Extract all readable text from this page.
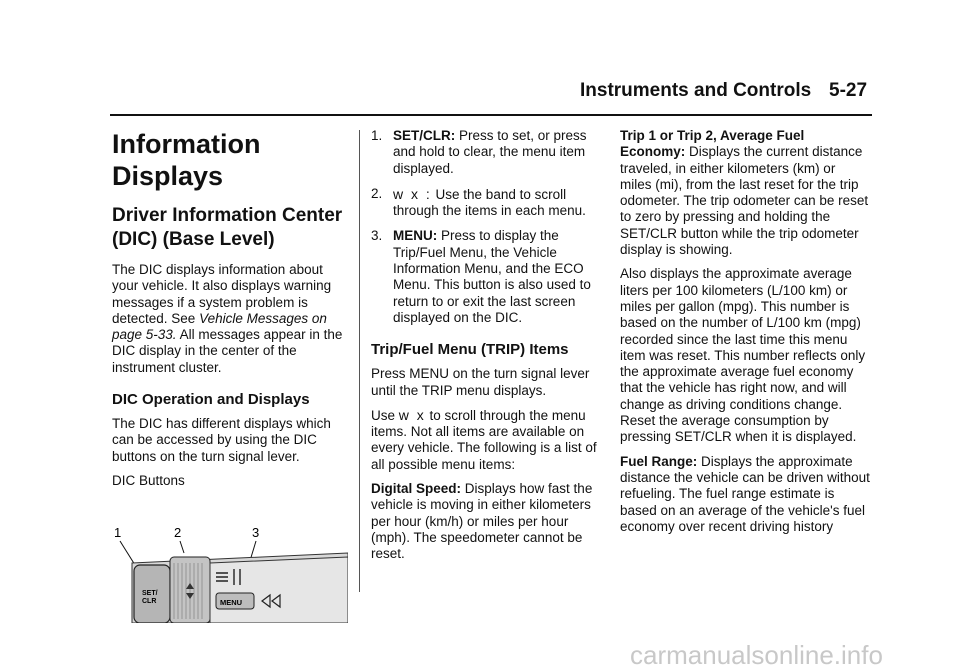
Instruments and Controls 5-27
Information Displays
Driver Information Center (DIC) (Base Level)

The DIC displays information about your vehicle. It also displays warning messages if a system problem is detected. See Vehicle Messages on page 5-33. All messages appear in the DIC display in the center of the instrument cluster.

DIC Operation and Displays

The DIC has different displays which can be accessed by using the DIC buttons on the turn signal lever.

DIC Buttons

1	2	3
SET/
CLR	MENU
1. SET/CLR: Press to set, or press and hold to clear, the menu item displayed.
2. w x : Use the band to scroll through the items in each menu.
3. MENU: Press to display the Trip/Fuel Menu, the Vehicle Information Menu, and the ECO Menu. This button is also used to return to or exit the last screen displayed on the DIC.
Trip/Fuel Menu (TRIP) Items

Press MENU on the turn signal lever until the TRIP menu displays.

Use w x to scroll through the menu items. Not all items are available on every vehicle. The following is a list of all possible menu items:

Digital Speed: Displays how fast the vehicle is moving in either kilometers per hour (km/h) or miles per hour (mph). The speedometer cannot be reset.

Trip 1 or Trip 2, Average Fuel Economy: Displays the current distance traveled, in either kilometers (km) or miles (mi), from the last reset for the trip odometer. The trip odometer can be reset to zero by pressing and holding the SET/CLR button while the trip odometer display is showing.

Also displays the approximate average liters per 100 kilometers (L/100 km) or miles per gallon (mpg). This number is based on the number of L/100 km (mpg) recorded since the last time this menu item was reset. This number reflects only the approximate average fuel economy that the vehicle has right now, and will change as driving conditions change. Reset the average consumption by pressing SET/CLR when it is displayed.

Fuel Range: Displays the approximate distance the vehicle can be driven without refueling. The fuel range estimate is based on an average of the vehicle's fuel economy over recent driving history

carmanualsonline.info
